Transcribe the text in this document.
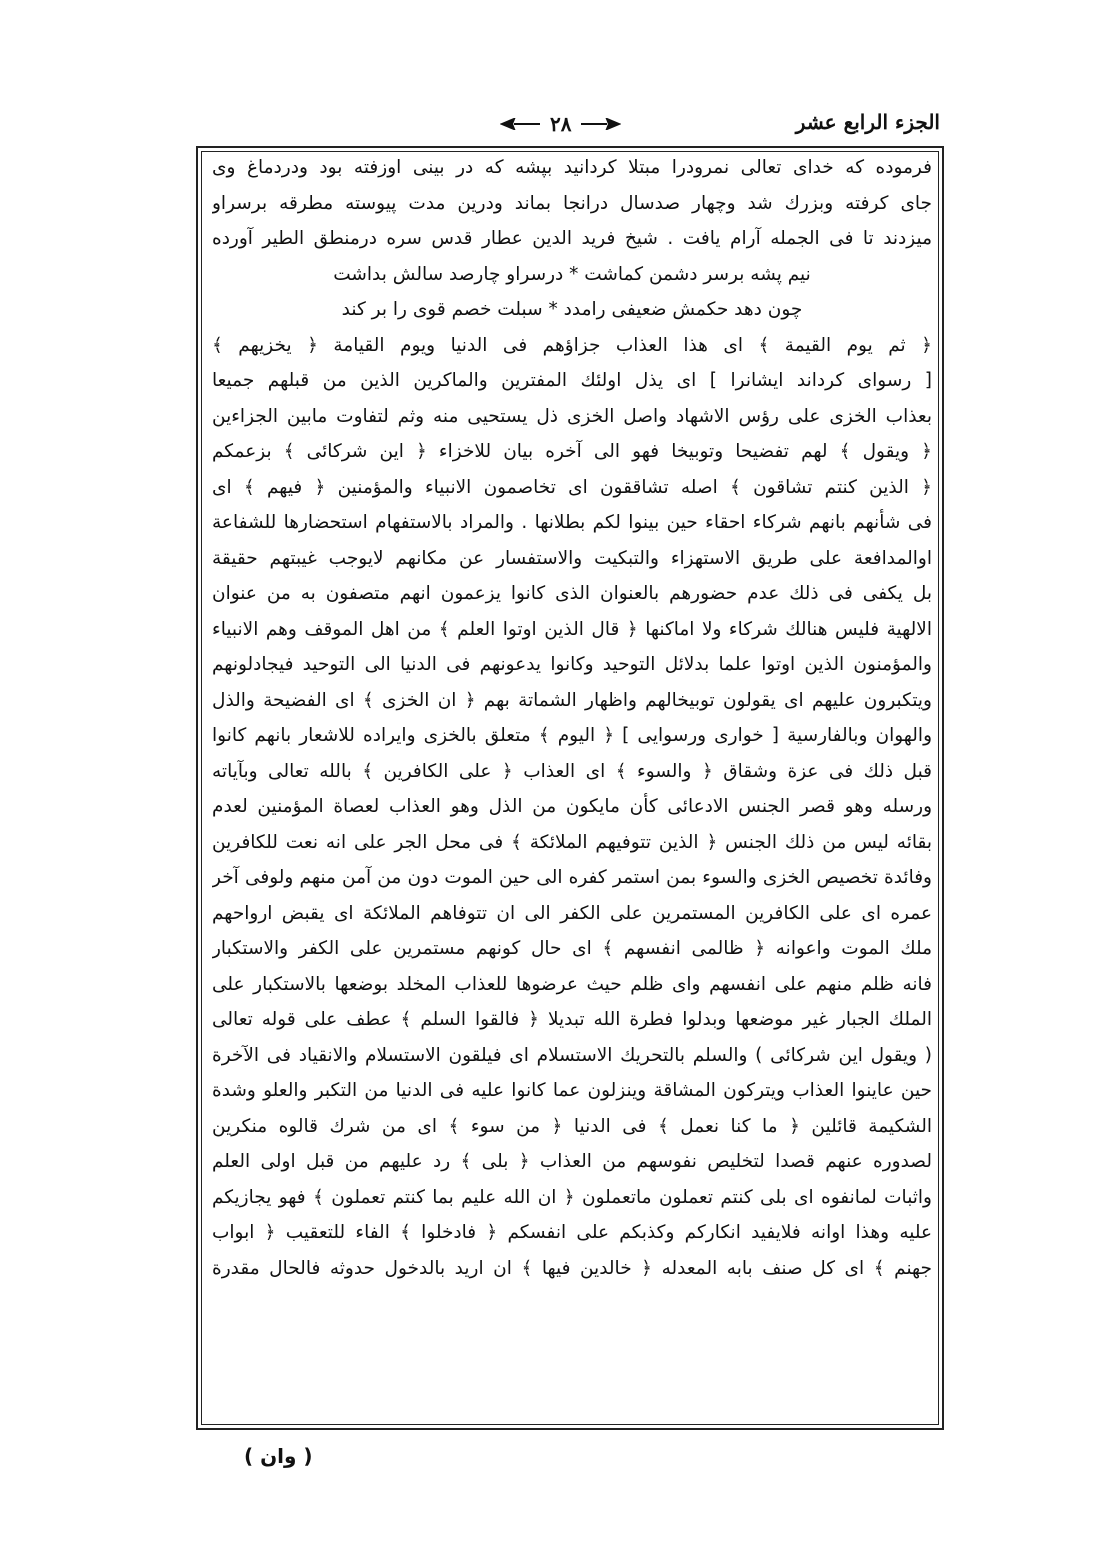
الجزء الرابع عشر
٢٨
فرموده كه خداى تعالى نمرودرا مبتلا كردانيد بپشه كه در بينى اوزفته بود ودردماغ وى
جاى كرفته وبزرك شد وچهار صدسال درانجا بماند ودرين مدت پيوسته مطرقه برسراو
ميزدند تا فى الجمله آرام يافت . شيخ فريد الدين عطار قدس سره درمنطق الطير آورده
نيم پشه برسر دشمن كماشت * درسراو چارصد سالش بداشت
چون دهد حكمش ضعيفى رامدد * سبلت خصم قوى را بر كند
﴿ ثم يوم القيمة ﴾ اى هذا العذاب جزاؤهم فى الدنيا ويوم القيامة ﴿ يخزيهم ﴾
[ رسواى كرداند ايشانرا ] اى يذل اولئك المفترين والماكرين الذين من قبلهم جميعا
بعذاب الخزى على رؤس الاشهاد واصل الخزى ذل يستحيى منه وثم لتفاوت مابين الجزاءين
﴿ ويقول ﴾ لهم تفضيحا وتوبيخا فهو الى آخره بيان للاخزاء ﴿ اين شركائى ﴾ بزعمكم
﴿ الذين كنتم تشاقون ﴾ اصله تشاققون اى تخاصمون الانبياء والمؤمنين ﴿ فيهم ﴾ اى
فى شأنهم بانهم شركاء احقاء حين بينوا لكم بطلانها . والمراد بالاستفهام استحضارها للشفاعة
اوالمدافعة على طريق الاستهزاء والتبكيت والاستفسار عن مكانهم لايوجب غيبتهم حقيقة
بل يكفى فى ذلك عدم حضورهم بالعنوان الذى كانوا يزعمون انهم متصفون به من عنوان
الالهية فليس هنالك شركاء ولا اماكنها ﴿ قال الذين اوتوا العلم ﴾ من اهل الموقف وهم الانبياء
والمؤمنون الذين اوتوا علما بدلائل التوحيد وكانوا يدعونهم فى الدنيا الى التوحيد فيجادلونهم
ويتكبرون عليهم اى يقولون توبيخالهم واظهار الشماتة بهم ﴿ ان الخزى ﴾ اى الفضيحة والذل
والهوان وبالفارسية [ خوارى ورسوايى ] ﴿ اليوم ﴾ متعلق بالخزى وايراده للاشعار بانهم كانوا
قبل ذلك فى عزة وشقاق ﴿ والسوء ﴾ اى العذاب ﴿ على الكافرين ﴾ بالله تعالى وبآياته
ورسله وهو قصر الجنس الادعائى كأن مايكون من الذل وهو العذاب لعصاة المؤمنين لعدم
بقائه ليس من ذلك الجنس ﴿ الذين تتوفيهم الملائكة ﴾ فى محل الجر على انه نعت للكافرين
وفائدة تخصيص الخزى والسوء بمن استمر كفره الى حين الموت دون من آمن منهم ولوفى آخر
عمره اى على الكافرين المستمرين على الكفر الى ان تتوفاهم الملائكة اى يقبض ارواحهم
ملك الموت واعوانه ﴿ ظالمى انفسهم ﴾ اى حال كونهم مستمرين على الكفر والاستكبار
فانه ظلم منهم على انفسهم واى ظلم حيث عرضوها للعذاب المخلد بوضعها بالاستكبار على
الملك الجبار غير موضعها وبدلوا فطرة الله تبديلا ﴿ فالقوا السلم ﴾ عطف على قوله تعالى
( ويقول اين شركائى ) والسلم بالتحريك الاستسلام اى فيلقون الاستسلام والانقياد فى الآخرة
حين عاينوا العذاب ويتركون المشاقة وينزلون عما كانوا عليه فى الدنيا من التكبر والعلو وشدة
الشكيمة قائلين ﴿ ما كنا نعمل ﴾ فى الدنيا ﴿ من سوء ﴾ اى من شرك قالوه منكرين
لصدوره عنهم قصدا لتخليص نفوسهم من العذاب ﴿ بلى ﴾ رد عليهم من قبل اولى العلم
واثبات لمانفوه اى بلى كنتم تعملون ماتعملون ﴿ ان الله عليم بما كنتم تعملون ﴾ فهو يجازيكم
عليه وهذا اوانه فلايفيد انكاركم وكذبكم على انفسكم ﴿ فادخلوا ﴾ الفاء للتعقيب ﴿ ابواب
جهنم ﴾ اى كل صنف بابه المعدله ﴿ خالدين فيها ﴾ ان اريد بالدخول حدوثه فالحال مقدرة
( وان )
